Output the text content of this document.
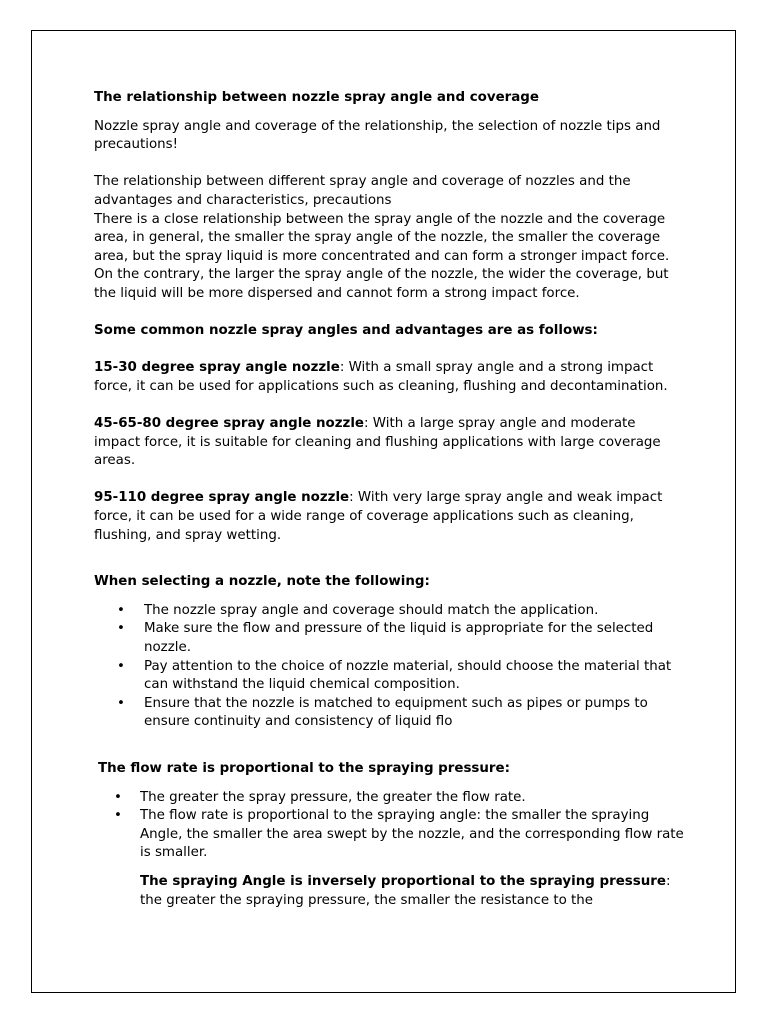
The relationship between nozzle spray angle and coverage

Nozzle spray angle and coverage of the relationship, the selection of nozzle tips and precautions!

The relationship between different spray angle and coverage of nozzles and the advantages and characteristics, precautions

There is a close relationship between the spray angle of the nozzle and the coverage area, in general, the smaller the spray angle of the nozzle, the smaller the coverage area, but the spray liquid is more concentrated and can form a stronger impact force. On the contrary, the larger the spray angle of the nozzle, the wider the coverage, but the liquid will be more dispersed and cannot form a strong impact force.

Some common nozzle spray angles and advantages are as follows:

15-30 degree spray angle nozzle: With a small spray angle and a strong impact force, it can be used for applications such as cleaning, flushing and decontamination.

45-65-80 degree spray angle nozzle: With a large spray angle and moderate impact force, it is suitable for cleaning and flushing applications with large coverage areas.

95-110 degree spray angle nozzle: With very large spray angle and weak impact force, it can be used for a wide range of coverage applications such as cleaning, flushing, and spray wetting.

When selecting a nozzle, note the following:

• The nozzle spray angle and coverage should match the application.
• Make sure the flow and pressure of the liquid is appropriate for the selected nozzle.
• Pay attention to the choice of nozzle material, should choose the material that can withstand the liquid chemical composition.
• Ensure that the nozzle is matched to equipment such as pipes or pumps to ensure continuity and consistency of liquid flo

The flow rate is proportional to the spraying pressure:

• The greater the spray pressure, the greater the flow rate.
• The flow rate is proportional to the spraying angle: the smaller the spraying Angle, the smaller the area swept by the nozzle, and the corresponding flow rate is smaller.
The spraying Angle is inversely proportional to the spraying pressure: the greater the spraying pressure, the smaller the resistance to the
